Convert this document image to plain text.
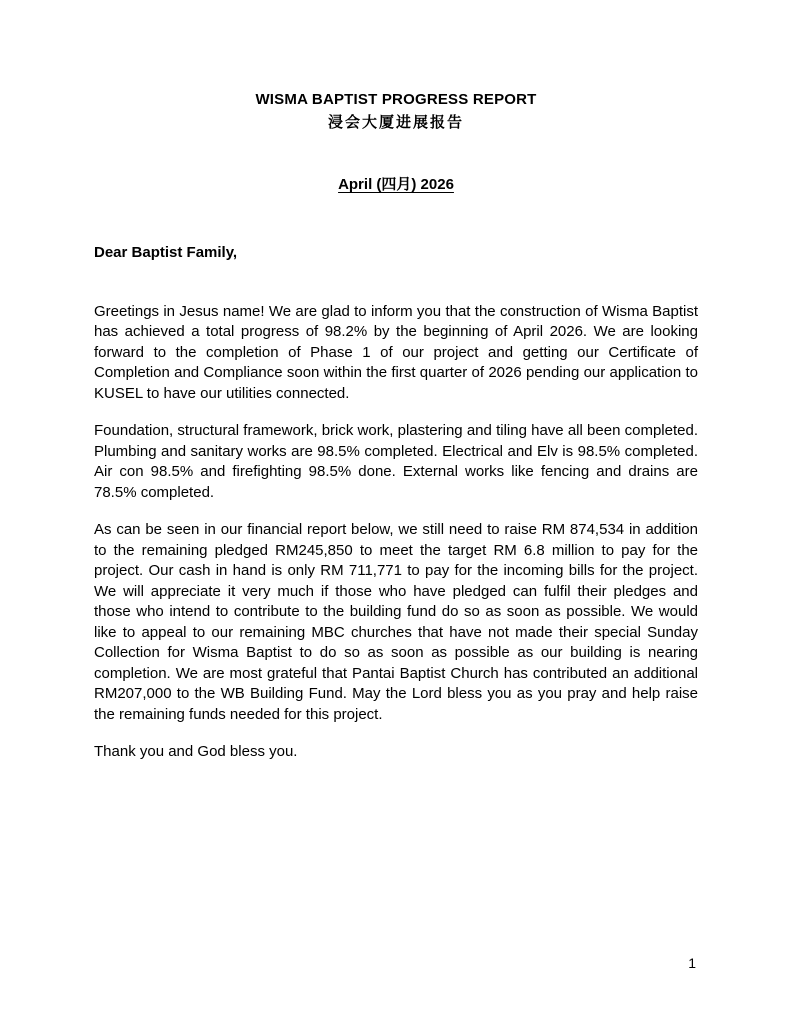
WISMA BAPTIST PROGRESS REPORT
浸会大厦进展报告
April (四月) 2026
Dear Baptist Family,

Greetings in Jesus name! We are glad to inform you that the construction of Wisma Baptist has achieved a total progress of 98.2% by the beginning of April 2026. We are looking forward to the completion of Phase 1 of our project and getting our Certificate of Completion and Compliance soon within the first quarter of 2026 pending our application to KUSEL to have our utilities connected.

Foundation, structural framework, brick work, plastering and tiling have all been completed. Plumbing and sanitary works are 98.5% completed. Electrical and Elv is 98.5% completed. Air con 98.5% and firefighting 98.5% done. External works like fencing and drains are 78.5% completed.

As can be seen in our financial report below, we still need to raise RM 874,534 in addition to the remaining pledged RM245,850 to meet the target RM 6.8 million to pay for the project. Our cash in hand is only RM 711,771 to pay for the incoming bills for the project. We will appreciate it very much if those who have pledged can fulfil their pledges and those who intend to contribute to the building fund do so as soon as possible. We would like to appeal to our remaining MBC churches that have not made their special Sunday Collection for Wisma Baptist to do so as soon as possible as our building is nearing completion. We are most grateful that Pantai Baptist Church has contributed an additional RM207,000 to the WB Building Fund. May the Lord bless you as you pray and help raise the remaining funds needed for this project.

Thank you and God bless you.
1
